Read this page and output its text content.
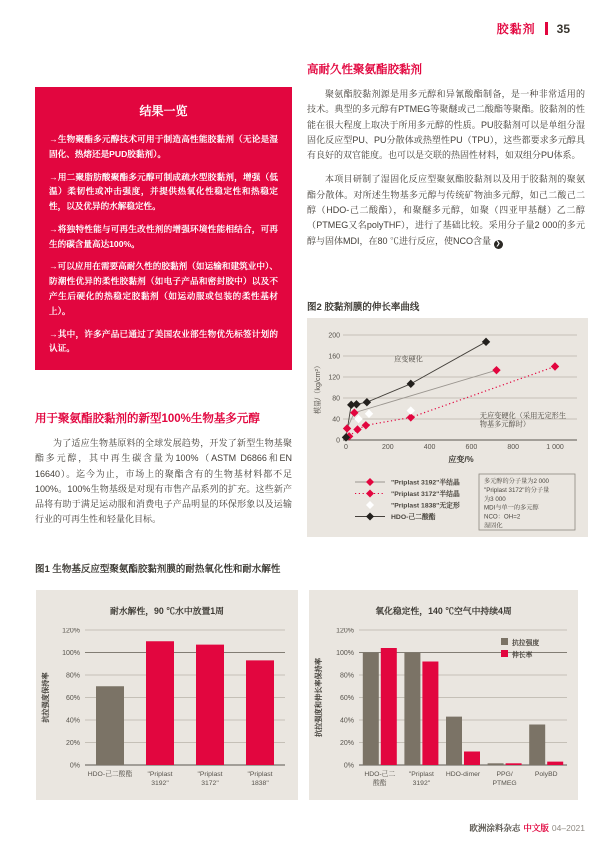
胶黏剂 35
结果一览
→生物聚酯多元醇技术可用于制造高性能胶黏剂（无论是湿固化、热熔还是PUD胶黏剂）。
→用二聚脂肪酸聚酯多元醇可制成疏水型胶黏剂，增强（低温）柔韧性或冲击强度，并提供热氧化性稳定性和热稳定性，以及优异的水解稳定性。
→将独特性能与可再生改性剂的增强环境性能相结合，可再生的碳含量高达100%。
→可以应用在需要高耐久性的胶黏剂（如运输和建筑业中）、防潮性优异的柔性胶黏剂（如电子产品和密封胶中）以及不产生后硬化的热稳定胶黏剂（如运动服或包装的柔性基材上）。
→其中，许多产品已通过了美国农业部生物优先标签计划的认证。
用于聚氨酯胶黏剂的新型100%生物基多元醇

为了适应生物基原料的全球发展趋势，开发了新型生物基聚酯多元醇，其中再生碳含量为100%（ASTM D6866和EN 16640）。迄今为止，市场上的聚酯含有的生物基材料都不足100%。100%生物基级是对现有市售产品系列的扩充。这些新产品将有助于满足运动服和消费电子产品明显的环保形象以及运输行业的可再生性和轻量化目标。

高耐久性聚氨酯胶黏剂

聚氨酯胶黏剂源是用多元醇和异氰酸酯制备，是一种非常适用的技术。典型的多元醇有PTMEG等聚醚或己二酸酯等聚酯。胶黏剂的性能在很大程度上取决于所用多元醇的性质。PU胶黏剂可以是单组分湿固化反应型PU、PU分散体或热塑性PU（TPU），这些都要求多元醇具有良好的双官能度。也可以是交联的热固性材料，如双组分PU体系。

本项目研制了湿固化反应型聚氨酯胶黏剂以及用于胶黏剂的聚氨酯分散体。对所述生物基多元醇与传统矿物油多元醇，如己二酸己二醇（HDO-己二酸酯），和聚醚多元醇，如聚（四亚甲基醚）乙二醇（PTMEG又名polyTHF），进行了基础比较。采用分子量2 000的多元醇与固体MDI，在80 ℃进行反应，使NCO含量 ❯

图2 胶黏剂膜的伸长率曲线
0
40
80
120
160
200
0	200	400	600	800	1 000
模量/（kg/cm²）
应变/%
应变硬化
无应变硬化（采用无定形生
物基多元醇时）
"Priplast 3192"半结晶
"Priplast 3172"半结晶
"Priplast 1838"无定形
HDO-己二酸酯
多元醇的分子量为2 000
"Priplast 3172"的分子量
为3 000
MDI与单一的多元醇
NCO：OH=2
湿固化
图1 生物基反应型聚氨酯胶黏剂膜的耐热氧化性和耐水解性
耐水解性，90 ℃水中放置1周
0%
20%
40%
60%
80%
100%
120%
HDO-己二酸酯 "Priplast
3192"
"Priplast
3172"
"Priplast
1838"
抗拉强度保持率
氧化稳定性，140 ℃空气中持续4周
0%
20%
40%
60%
80%
100%
120%
HDO-己二
酸酯
"Priplast
3192"
HDO-dimer PPG/
PTMEG
PolyBD
抗拉强度和伸长率保持率
抗拉强度
伸长率
欧洲涂料杂志 中文版 04–2021
